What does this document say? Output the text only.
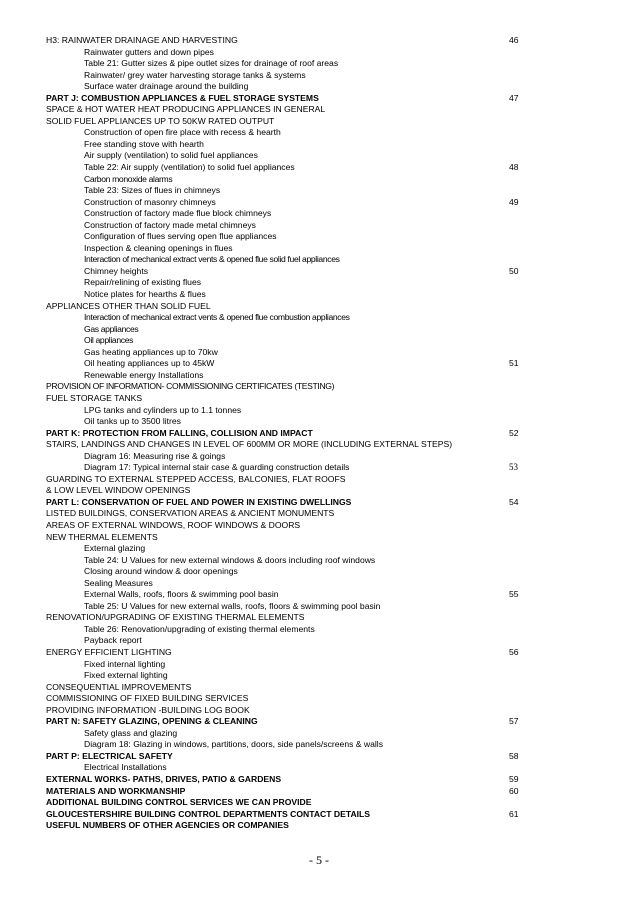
H3: RAINWATER DRAINAGE AND HARVESTING	46
Rainwater gutters and down pipes
Table 21: Gutter sizes & pipe outlet sizes for drainage of roof areas
Rainwater/ grey water harvesting storage tanks & systems
Surface water drainage around the building
PART J: COMBUSTION APPLIANCES & FUEL STORAGE SYSTEMS	47
SPACE & HOT WATER HEAT PRODUCING APPLIANCES IN GENERAL
SOLID FUEL APPLIANCES UP TO 50KW RATED OUTPUT
Construction of open fire place with recess & hearth
Free standing stove with hearth
Air supply (ventilation) to solid fuel appliances
Table 22: Air supply (ventilation) to solid fuel appliances	48
Carbon monoxide alarms
Table 23: Sizes of flues in chimneys
Construction of masonry chimneys	49
Construction of factory made flue block chimneys
Construction of factory made metal chimneys
Configuration of flues serving open flue appliances
Inspection & cleaning openings in flues
Interaction of mechanical extract vents & opened flue solid fuel appliances
Chimney heights	50
Repair/relining of existing flues
Notice plates for hearths & flues
APPLIANCES OTHER THAN SOLID FUEL
Interaction of mechanical extract vents & opened flue combustion appliances
Gas appliances
Oil appliances
Gas heating appliances up to 70kw
Oil heating appliances up to 45kW	51
Renewable energy Installations
PROVISION OF INFORMATION- COMMISSIONING CERTIFICATES (TESTING)
FUEL STORAGE TANKS
LPG tanks and cylinders up to 1.1 tonnes
Oil tanks up to 3500 litres
PART K: PROTECTION FROM FALLING, COLLISION AND IMPACT	52
STAIRS, LANDINGS AND CHANGES IN LEVEL OF 600MM OR MORE (INCLUDING EXTERNAL STEPS)
Diagram 16: Measuring rise & goings
Diagram 17: Typical internal stair case & guarding construction details	53
GUARDING TO EXTERNAL STEPPED ACCESS, BALCONIES, FLAT ROOFS
& LOW LEVEL WINDOW OPENINGS
PART L: CONSERVATION OF FUEL AND POWER IN EXISTING DWELLINGS	54
LISTED BUILDINGS, CONSERVATION AREAS & ANCIENT MONUMENTS
AREAS OF EXTERNAL WINDOWS, ROOF WINDOWS & DOORS
NEW THERMAL ELEMENTS
External glazing
Table 24: U Values for new external windows & doors including roof windows
Closing around window & door openings
Sealing Measures
External Walls, roofs, floors & swimming pool basin	55
Table 25: U Values for new external walls, roofs, floors & swimming pool basin
RENOVATION/UPGRADING OF EXISTING THERMAL ELEMENTS
Table 26: Renovation/upgrading of existing thermal elements
Payback report
ENERGY EFFICIENT LIGHTING	56
Fixed internal lighting
Fixed external lighting
CONSEQUENTIAL IMPROVEMENTS
COMMISSIONING OF FIXED BUILDING SERVICES
PROVIDING INFORMATION -BUILDING LOG BOOK
PART N: SAFETY GLAZING, OPENING & CLEANING	57
Safety glass and glazing
Diagram 18: Glazing in windows, partitions, doors, side panels/screens & walls
PART P: ELECTRICAL SAFETY	58
Electrical Installations
EXTERNAL WORKS- PATHS, DRIVES, PATIO & GARDENS	59
MATERIALS AND WORKMANSHIP	60
ADDITIONAL BUILDING CONTROL SERVICES WE CAN PROVIDE
GLOUCESTERSHIRE BUILDING CONTROL DEPARTMENTS CONTACT DETAILS	61
USEFUL NUMBERS OF OTHER AGENCIES OR COMPANIES
- 5 -
